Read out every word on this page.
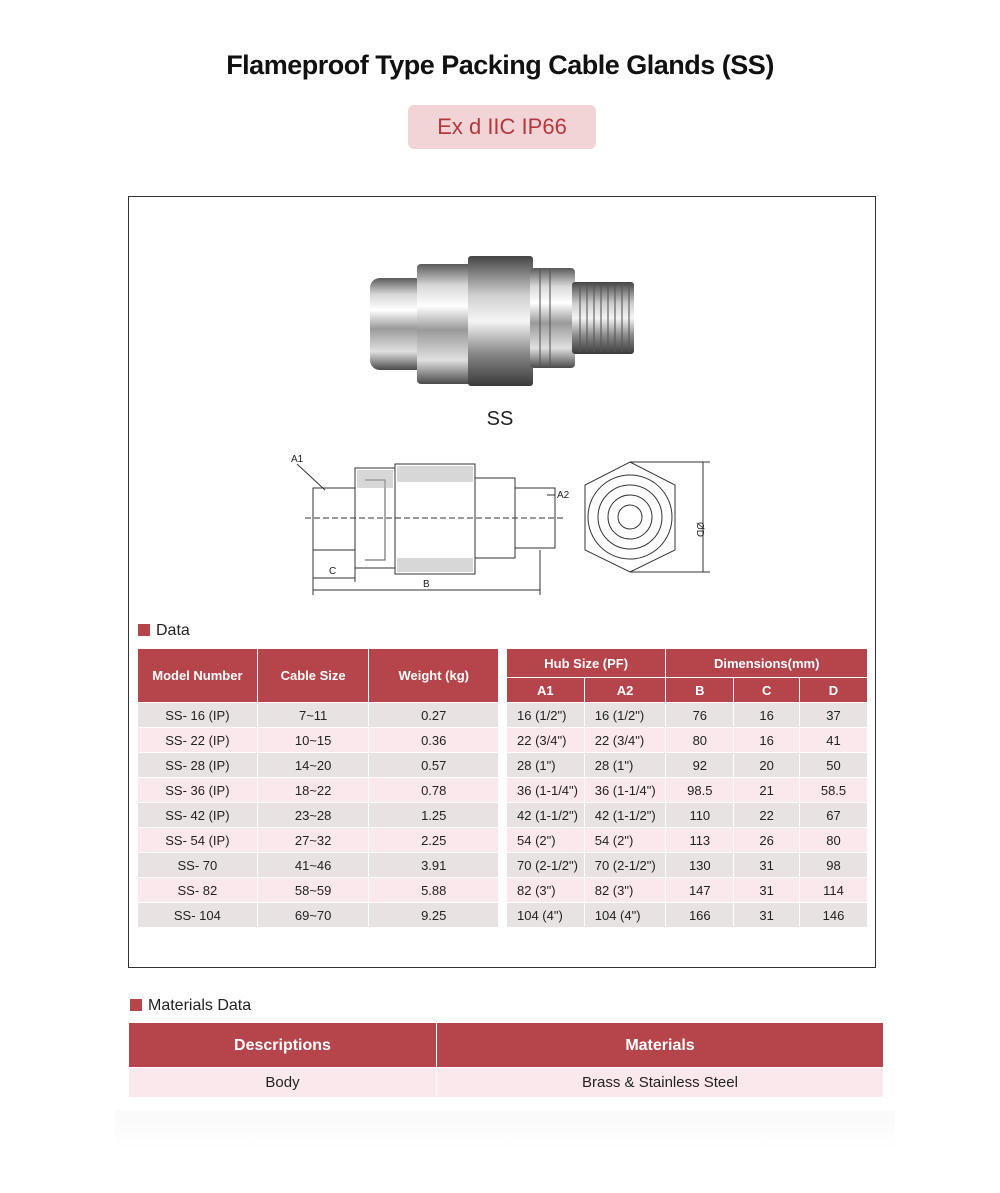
Flameproof Type Packing Cable Glands (SS)
Ex d IIC IP66
SS
A1
A2
C
B
ØD
Data
Model Number	Cable Size	Weight (kg)
SS- 16 (IP)	7~11	0.27
SS- 22 (IP)	10~15	0.36
SS- 28 (IP)	14~20	0.57
SS- 36 (IP)	18~22	0.78
SS- 42 (IP)	23~28	1.25
SS- 54 (IP)	27~32	2.25
SS- 70	41~46	3.91
SS- 82	58~59	5.88
SS- 104	69~70	9.25
Hub Size (PF)		Dimensions(mm)		
A1	A2	B	C	D
16 (1/2")	16 (1/2")	76	16	37
22 (3/4")	22 (3/4")	80	16	41
28 (1")	28 (1")	92	20	50
36 (1-1/4")	36 (1-1/4")	98.5	21	58.5
42 (1-1/2")	42 (1-1/2")	110	22	67
54 (2")	54 (2")	113	26	80
70 (2-1/2")	70 (2-1/2")	130	31	98
82 (3")	82 (3")	147	31	114
104 (4")	104 (4")	166	31	146
Materials Data
Descriptions	Materials
Body	Brass & Stainless Steel
